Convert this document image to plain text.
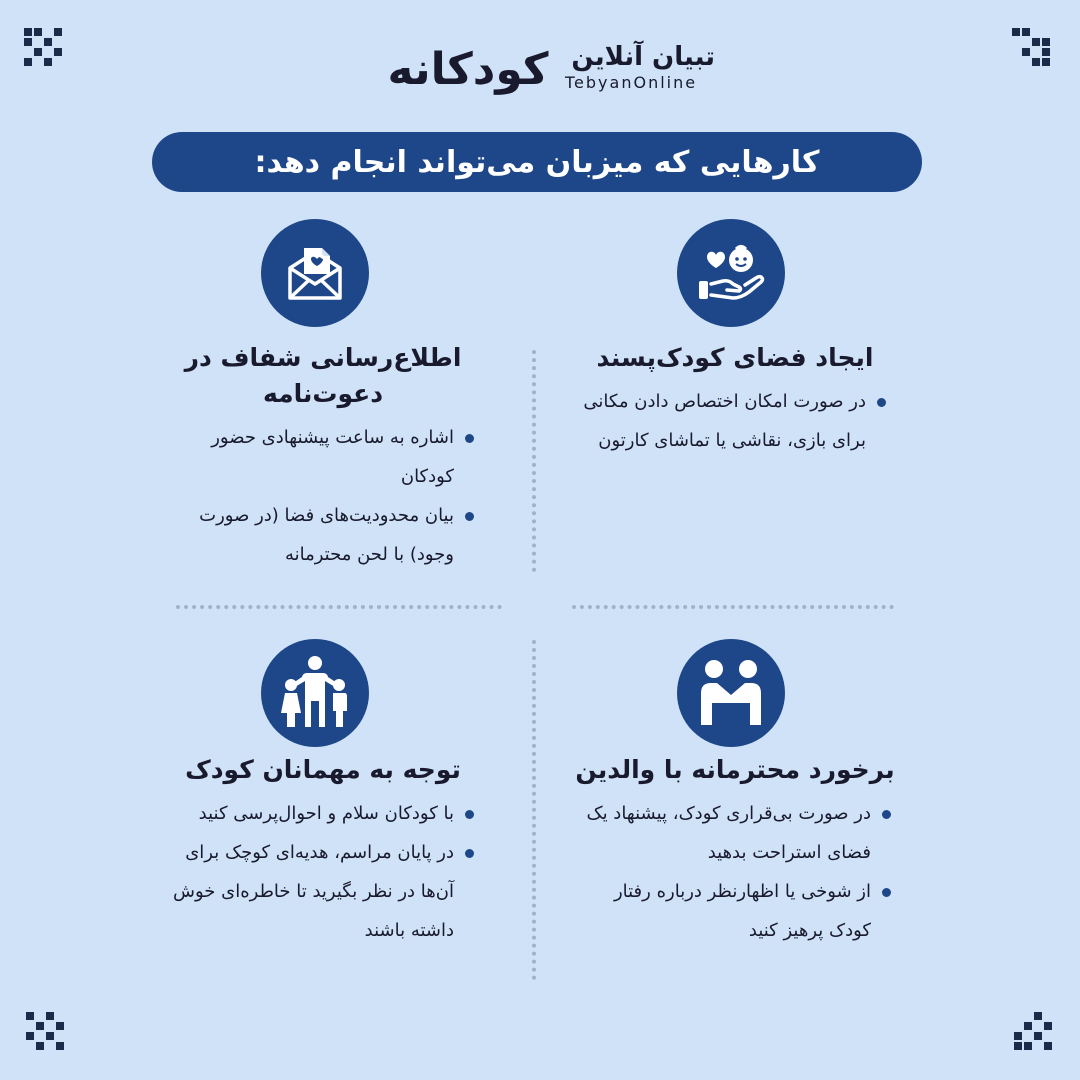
کودکانه تبیان آنلاین
TebyanOnline
کارهایی که میزبان می‌تواند انجام دهد:
ایجاد فضای کودک‌پسند
در صورت امکان اختصاص دادن مکانی برای بازی، نقاشی یا تماشای کارتون
اطلاع‌رسانی شفاف در دعوت‌نامه
اشاره به ساعت پیشنهادی حضور کودکان
بیان محدودیت‌های فضا (در صورت وجود) با لحن محترمانه
برخورد محترمانه با والدین
در صورت بی‌قراری کودک، پیشنهاد یک فضای استراحت بدهید
از شوخی یا اظهارنظر درباره رفتار کودک پرهیز کنید
توجه به مهمانان کودک
با کودکان سلام و احوال‌پرسی کنید
در پایان مراسم، هدیه‌ای کوچک برای آن‌ها در نظر بگیرید تا خاطره‌ای خوش داشته باشند
